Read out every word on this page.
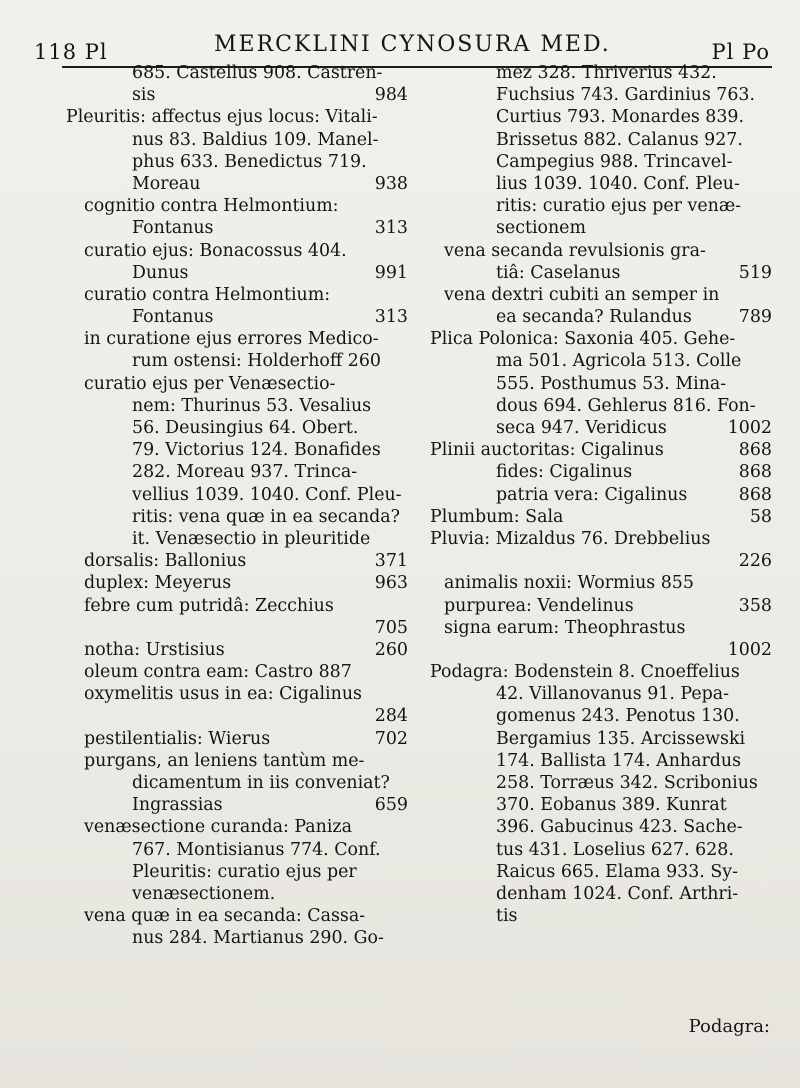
118 Pl	MERCKLINI CYNOSURA MED.	Pl Po
685. Castellus 908. Castren-
sis	984
Pleuritis: affectus ejus locus: Vitali-
nus 83. Baldius 109. Manel-
phus 633. Benedictus 719.
Moreau	938
cognitio contra Helmontium:
Fontanus	313
curatio ejus: Bonacossus 404.
Dunus	991
curatio contra Helmontium:
Fontanus	313
in curatione ejus errores Medico-
rum ostensi: Holderhoff 260
curatio ejus per Venæsectio-
nem: Thurinus 53. Vesalius
56. Deusingius 64. Obert.
79. Victorius 124. Bonafides
282. Moreau 937. Trinca-
vellius 1039. 1040. Conf. Pleu-
ritis: vena quæ in ea secanda?
it. Venæsectio in pleuritide
dorsalis: Ballonius	371
duplex: Meyerus	963
febre cum putridâ: Zecchius
705
notha: Urstisius	260
oleum contra eam: Castro 887
oxymelitis usus in ea: Cigalinus
284
pestilentialis: Wierus	702
purgans, an leniens tantùm me-
dicamentum in iis conveniat?
Ingrassias	659
venæsectione curanda: Paniza
767. Montisianus 774. Conf.
Pleuritis: curatio ejus per
venæsectionem.
vena quæ in ea secanda: Cassa-
nus 284. Martianus 290. Go-
mez 328. Thriverius 432.
Fuchsius 743. Gardinius 763.
Curtius 793. Monardes 839.
Brissetus 882. Calanus 927.
Campegius 988. Trincavel-
lius 1039. 1040. Conf. Pleu-
ritis: curatio ejus per venæ-
sectionem
vena secanda revulsionis gra-
tiâ: Caselanus	519
vena dextri cubiti an semper in
ea secanda? Rulandus	789
Plica Polonica: Saxonia 405. Gehe-
ma 501. Agricola 513. Colle
555. Posthumus 53. Mina-
dous 694. Gehlerus 816. Fon-
seca 947. Veridicus	1002
Plinii auctoritas: Cigalinus	868
fides: Cigalinus	868
patria vera: Cigalinus	868
Plumbum: Sala	58
Pluvia: Mizaldus 76. Drebbelius
226
animalis noxii: Wormius 855
purpurea: Vendelinus	358
signa earum: Theophrastus
1002
Podagra: Bodenstein 8. Cnoeffelius
42. Villanovanus 91. Pepa-
gomenus 243. Penotus 130.
Bergamius 135. Arcissewski
174. Ballista 174. Anhardus
258. Torræus 342. Scribonius
370. Eobanus 389. Kunrat
396. Gabucinus 423. Sache-
tus 431. Loselius 627. 628.
Raicus 665. Elama 933. Sy-
denham 1024. Conf. Arthri-
tis
Podagra:
